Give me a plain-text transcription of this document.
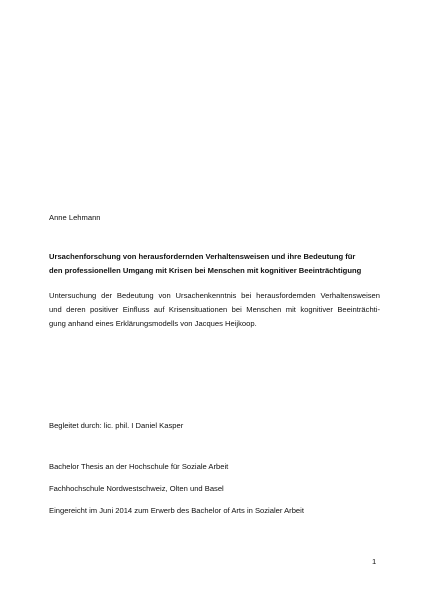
Anne Lehmann

Ursachenforschung von herausfordernden Verhaltensweisen und ihre Bedeutung für
den professionellen Umgang mit Krisen bei Menschen mit kognitiver Beeinträchtigung

Untersuchung der Bedeutung von Ursachenkenntnis bei herausfordemden Verhaltensweisen
und deren positiver Einfluss auf Krisensituationen bei Menschen mit kognitiver Beeinträchti-
gung anhand eines Erklärungsmodells von Jacques Heijkoop.

Begleitet durch: lic. phil. I Daniel Kasper

Bachelor Thesis an der Hochschule für Soziale Arbeit

Fachhochschule Nordwestschweiz, Olten und Basel

Eingereicht im Juni 2014 zum Erwerb des Bachelor of Arts in Sozialer Arbeit

1
